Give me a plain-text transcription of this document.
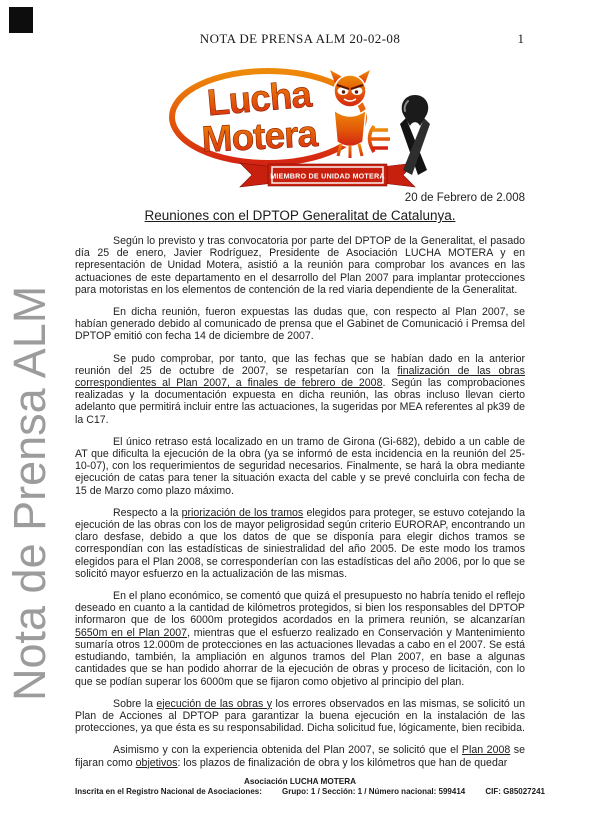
NOTA DE PRENSA ALM 20-02-08	1
Lucha
Motera
MIEMBRO DE UNIDAD MOTERA
Nota de Prensa ALM

20 de Febrero de 2.008

Reuniones con el DPTOP Generalitat de Catalunya.

Según lo previsto y tras convocatoria por parte del DPTOP de la Generalitat, el pasado día 25 de enero, Javier Rodríguez, Presidente de Asociación LUCHA MOTERA y en representación de Unidad Motera, asistió a la reunión para comprobar los avances en las actuaciones de este departamento en el desarrollo del Plan 2007 para implantar protecciones para motoristas en los elementos de contención de la red viaria dependiente de la Generalitat.

En dicha reunión, fueron expuestas las dudas que, con respecto al Plan 2007, se habían generado debido al comunicado de prensa que el Gabinet de Comunicació i Premsa del DPTOP emitió con fecha 14 de diciembre de 2007.

Se pudo comprobar, por tanto, que las fechas que se habían dado en la anterior reunión del 25 de octubre de 2007, se respetarían con la finalización de las obras correspondientes al Plan 2007, a finales de febrero de 2008. Según las comprobaciones realizadas y la documentación expuesta en dicha reunión, las obras incluso llevan cierto adelanto que permitirá incluir entre las actuaciones, la sugeridas por MEA referentes al pk39 de la C17.

El único retraso está localizado en un tramo de Girona (Gi-682), debido a un cable de AT que dificulta la ejecución de la obra (ya se informó de esta incidencia en la reunión del 25-10-07), con los requerimientos de seguridad necesarios. Finalmente, se hará la obra mediante ejecución de catas para tener la situación exacta del cable y se prevé concluirla con fecha de 15 de Marzo como plazo máximo.

Respecto a la priorización de los tramos elegidos para proteger, se estuvo cotejando la ejecución de las obras con los de mayor peligrosidad según criterio EURORAP, encontrando un claro desfase, debido a que los datos de que se disponía para elegir dichos tramos se correspondían con las estadísticas de siniestralidad del año 2005. De este modo los tramos elegidos para el Plan 2008, se corresponderían con las estadísticas del año 2006, por lo que se solicitó mayor esfuerzo en la actualización de las mismas.

En el plano económico, se comentó que quizá el presupuesto no habría tenido el reflejo deseado en cuanto a la cantidad de kilómetros protegidos, si bien los responsables del DPTOP informaron que de los 6000m protegidos acordados en la primera reunión, se alcanzarían 5650m en el Plan 2007, mientras que el esfuerzo realizado en Conservación y Mantenimiento sumaría otros 12.000m de protecciones en las actuaciones llevadas a cabo en el 2007. Se está estudiando, también, la ampliación en algunos tramos del Plan 2007, en base a algunas cantidades que se han podido ahorrar de la ejecución de obras y proceso de licitación, con lo que se podían superar los 6000m que se fijaron como objetivo al principio del plan.

Sobre la ejecución de las obras y los errores observados en las mismas, se solicitó un Plan de Acciones al DPTOP para garantizar la buena ejecución en la instalación de las protecciones, ya que ésta es su responsabilidad. Dicha solicitud fue, lógicamente, bien recibida.

Asimismo y con la experiencia obtenida del Plan 2007, se solicitó que el Plan 2008 se fijaran como objetivos: los plazos de finalización de obra y los kilómetros que han de quedar

Asociación LUCHA MOTERA
Inscrita en el Registro Nacional de Asociaciones:	Grupo: 1 / Sección: 1 / Número nacional: 599414	CIF: G85027241
